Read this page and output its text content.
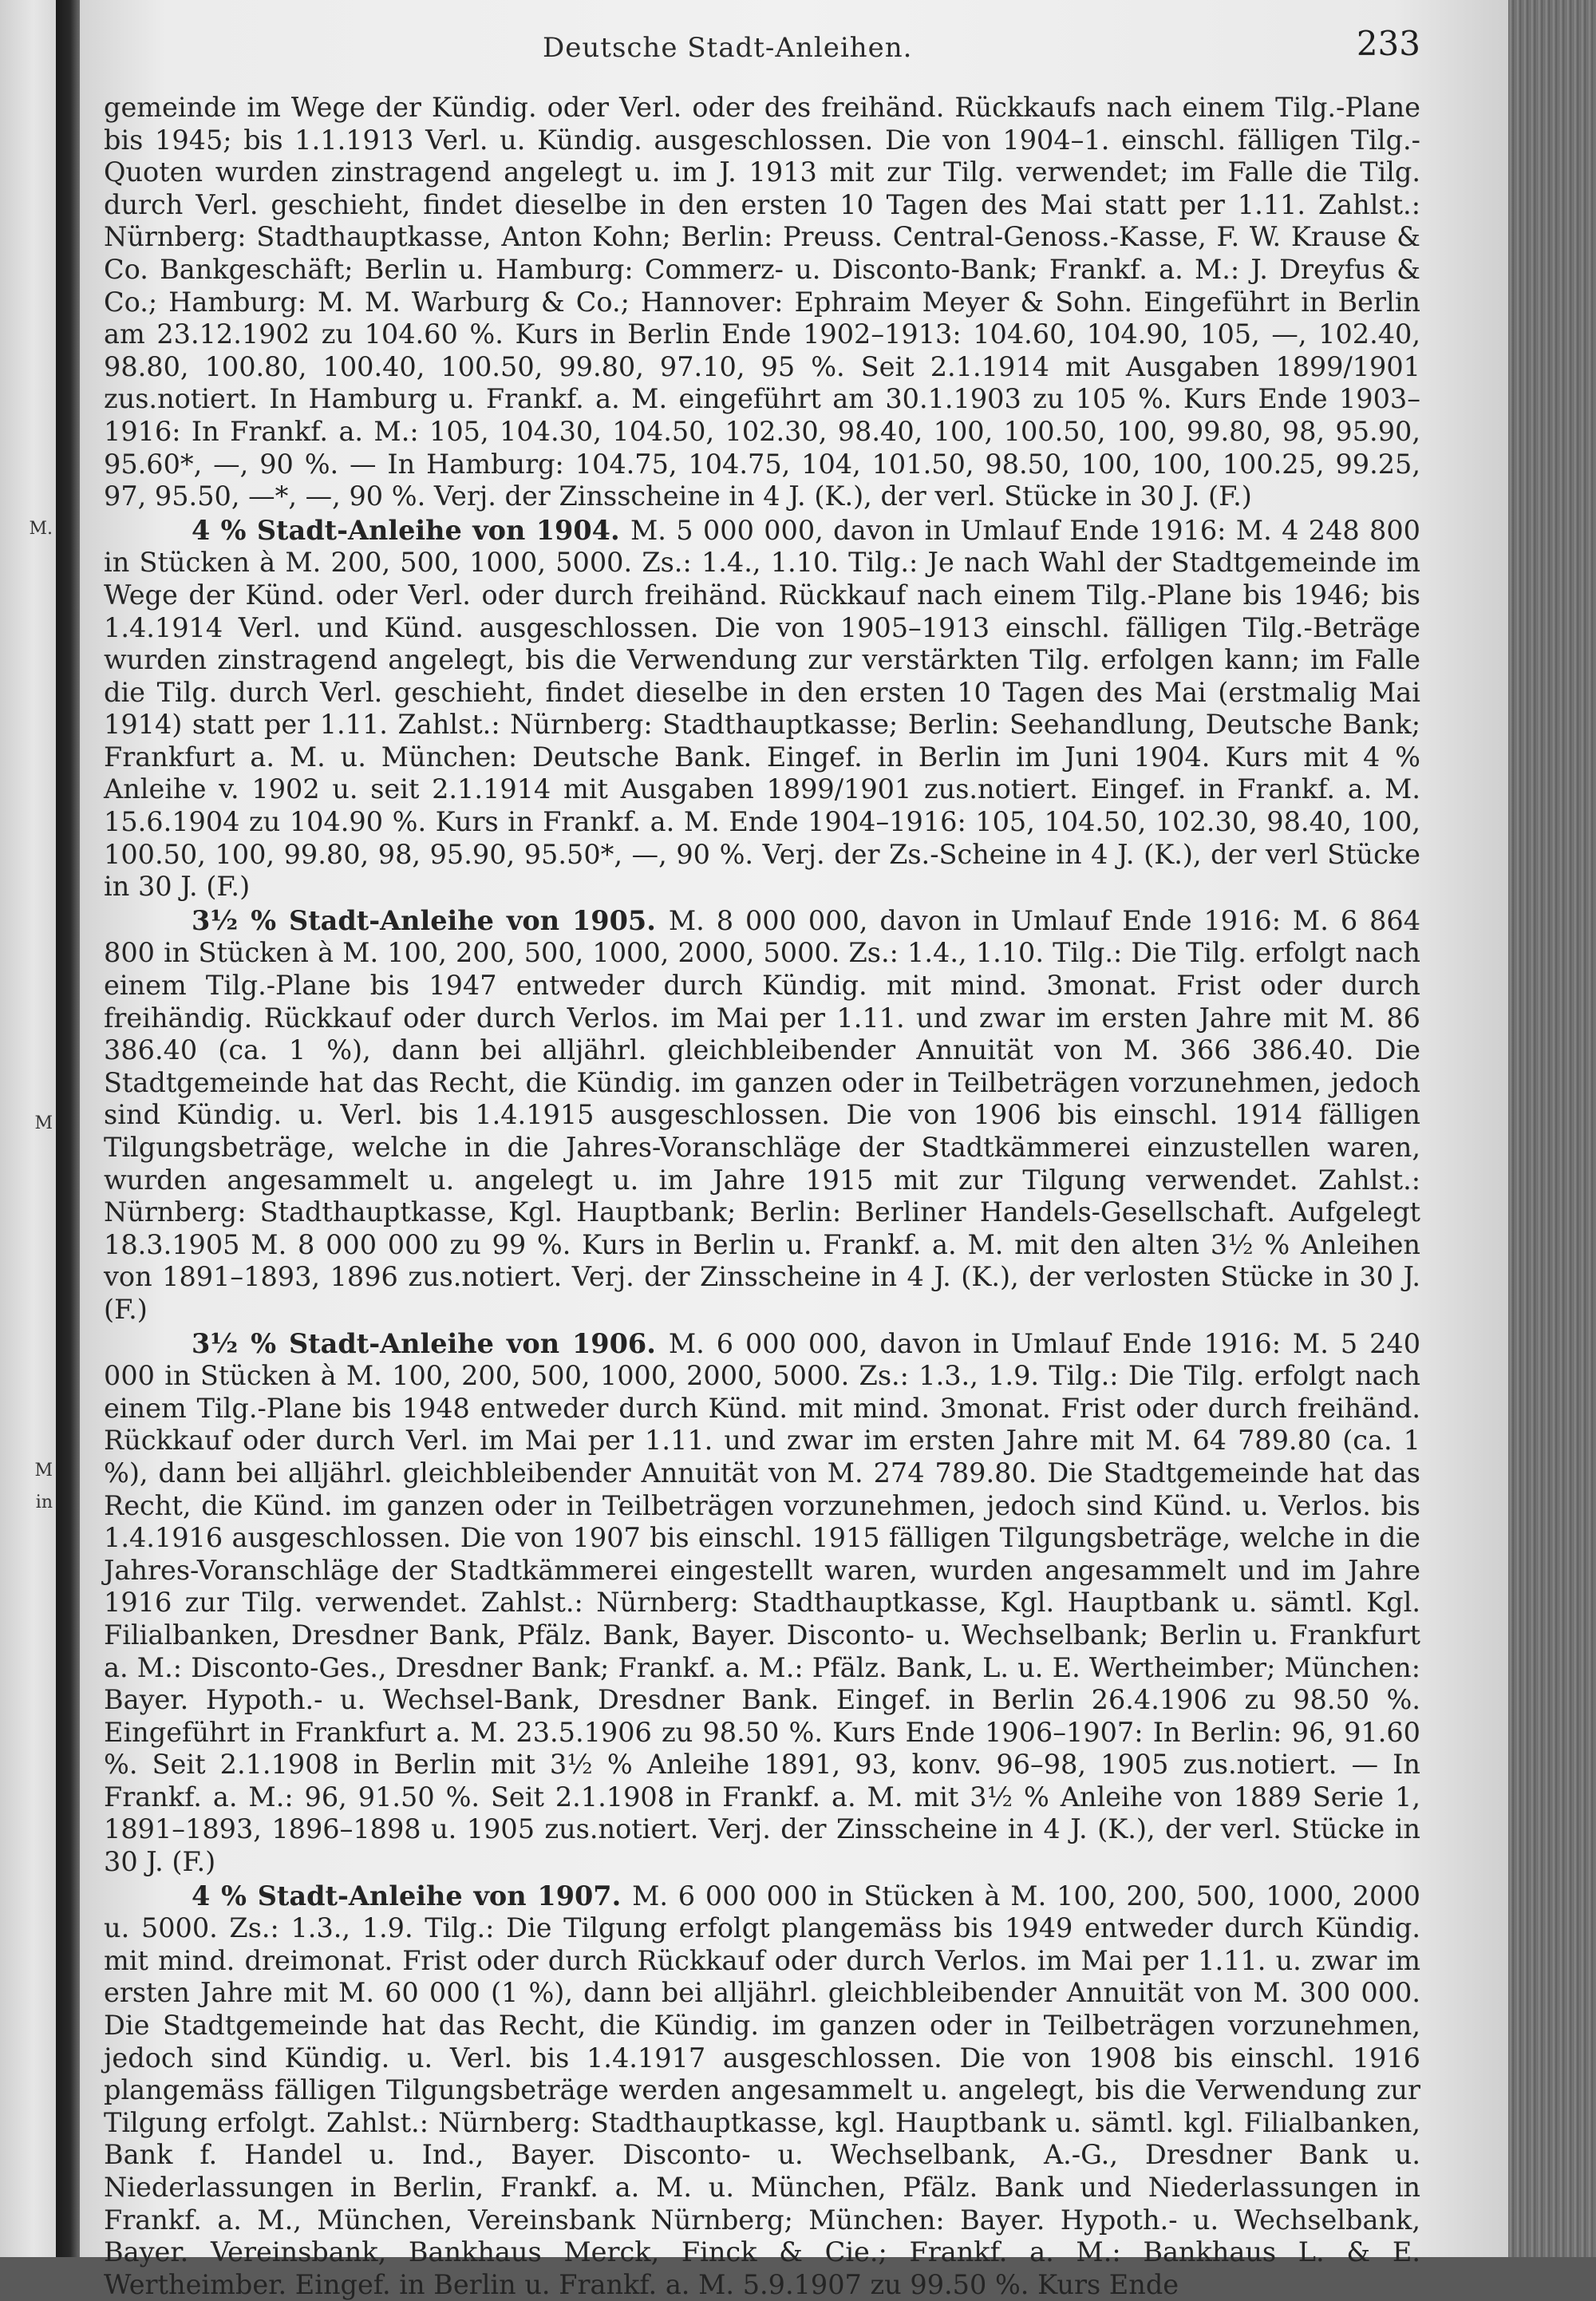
M.
M
M
in
Deutsche Stadt-Anleihen.	233

gemeinde im Wege der Kündig. oder Verl. oder des freihänd. Rückkaufs nach einem Tilg.-Plane bis 1945; bis 1.1.1913 Verl. u. Kündig. ausgeschlossen. Die von 1904–1. einschl. fälligen Tilg.-Quoten wurden zinstragend angelegt u. im J. 1913 mit zur Tilg. verwendet; im Falle die Tilg. durch Verl. geschieht, findet dieselbe in den ersten 10 Tagen des Mai statt per 1.11. Zahlst.: Nürnberg: Stadthauptkasse, Anton Kohn; Berlin: Preuss. Central-Genoss.-Kasse, F. W. Krause & Co. Bankgeschäft; Berlin u. Hamburg: Commerz- u. Disconto-Bank; Frankf. a. M.: J. Dreyfus & Co.; Hamburg: M. M. Warburg & Co.; Hannover: Ephraim Meyer & Sohn. Eingeführt in Berlin am 23.12.1902 zu 104.60 %. Kurs in Berlin Ende 1902–1913: 104.60, 104.90, 105, —, 102.40, 98.80, 100.80, 100.40, 100.50, 99.80, 97.10, 95 %. Seit 2.1.1914 mit Ausgaben 1899/1901 zus.notiert. In Hamburg u. Frankf. a. M. eingeführt am 30.1.1903 zu 105 %. Kurs Ende 1903–1916: In Frankf. a. M.: 105, 104.30, 104.50, 102.30, 98.40, 100, 100.50, 100, 99.80, 98, 95.90, 95.60*, —, 90 %. — In Hamburg: 104.75, 104.75, 104, 101.50, 98.50, 100, 100, 100.25, 99.25, 97, 95.50, —*, —, 90 %. Verj. der Zinsscheine in 4 J. (K.), der verl. Stücke in 30 J. (F.)

4 % Stadt-Anleihe von 1904. M. 5 000 000, davon in Umlauf Ende 1916: M. 4 248 800 in Stücken à M. 200, 500, 1000, 5000. Zs.: 1.4., 1.10. Tilg.: Je nach Wahl der Stadtgemeinde im Wege der Künd. oder Verl. oder durch freihänd. Rückkauf nach einem Tilg.-Plane bis 1946; bis 1.4.1914 Verl. und Künd. ausgeschlossen. Die von 1905–1913 einschl. fälligen Tilg.-Beträge wurden zinstragend angelegt, bis die Verwendung zur verstärkten Tilg. erfolgen kann; im Falle die Tilg. durch Verl. geschieht, findet dieselbe in den ersten 10 Tagen des Mai (erstmalig Mai 1914) statt per 1.11. Zahlst.: Nürnberg: Stadthauptkasse; Berlin: Seehandlung, Deutsche Bank; Frankfurt a. M. u. München: Deutsche Bank. Eingef. in Berlin im Juni 1904. Kurs mit 4 % Anleihe v. 1902 u. seit 2.1.1914 mit Ausgaben 1899/1901 zus.notiert. Eingef. in Frankf. a. M. 15.6.1904 zu 104.90 %. Kurs in Frankf. a. M. Ende 1904–1916: 105, 104.50, 102.30, 98.40, 100, 100.50, 100, 99.80, 98, 95.90, 95.50*, —, 90 %. Verj. der Zs.-Scheine in 4 J. (K.), der verl Stücke in 30 J. (F.)

3½ % Stadt-Anleihe von 1905. M. 8 000 000, davon in Umlauf Ende 1916: M. 6 864 800 in Stücken à M. 100, 200, 500, 1000, 2000, 5000. Zs.: 1.4., 1.10. Tilg.: Die Tilg. erfolgt nach einem Tilg.-Plane bis 1947 entweder durch Kündig. mit mind. 3monat. Frist oder durch freihändig. Rückkauf oder durch Verlos. im Mai per 1.11. und zwar im ersten Jahre mit M. 86 386.40 (ca. 1 %), dann bei alljährl. gleichbleibender Annuität von M. 366 386.40. Die Stadtgemeinde hat das Recht, die Kündig. im ganzen oder in Teilbeträgen vorzunehmen, jedoch sind Kündig. u. Verl. bis 1.4.1915 ausgeschlossen. Die von 1906 bis einschl. 1914 fälligen Tilgungsbeträge, welche in die Jahres-Voranschläge der Stadtkämmerei einzustellen waren, wurden angesammelt u. angelegt u. im Jahre 1915 mit zur Tilgung verwendet. Zahlst.: Nürnberg: Stadthauptkasse, Kgl. Hauptbank; Berlin: Berliner Handels-Gesellschaft. Aufgelegt 18.3.1905 M. 8 000 000 zu 99 %. Kurs in Berlin u. Frankf. a. M. mit den alten 3½ % Anleihen von 1891–1893, 1896 zus.notiert. Verj. der Zinsscheine in 4 J. (K.), der verlosten Stücke in 30 J. (F.)

3½ % Stadt-Anleihe von 1906. M. 6 000 000, davon in Umlauf Ende 1916: M. 5 240 000 in Stücken à M. 100, 200, 500, 1000, 2000, 5000. Zs.: 1.3., 1.9. Tilg.: Die Tilg. erfolgt nach einem Tilg.-Plane bis 1948 entweder durch Künd. mit mind. 3monat. Frist oder durch freihänd. Rückkauf oder durch Verl. im Mai per 1.11. und zwar im ersten Jahre mit M. 64 789.80 (ca. 1 %), dann bei alljährl. gleichbleibender Annuität von M. 274 789.80. Die Stadtgemeinde hat das Recht, die Künd. im ganzen oder in Teilbeträgen vorzunehmen, jedoch sind Künd. u. Verlos. bis 1.4.1916 ausgeschlossen. Die von 1907 bis einschl. 1915 fälligen Tilgungsbeträge, welche in die Jahres-Voranschläge der Stadtkämmerei eingestellt waren, wurden angesammelt und im Jahre 1916 zur Tilg. verwendet. Zahlst.: Nürnberg: Stadthauptkasse, Kgl. Hauptbank u. sämtl. Kgl. Filialbanken, Dresdner Bank, Pfälz. Bank, Bayer. Disconto- u. Wechselbank; Berlin u. Frankfurt a. M.: Disconto-Ges., Dresdner Bank; Frankf. a. M.: Pfälz. Bank, L. u. E. Wertheimber; München: Bayer. Hypoth.- u. Wechsel-Bank, Dresdner Bank. Eingef. in Berlin 26.4.1906 zu 98.50 %. Eingeführt in Frankfurt a. M. 23.5.1906 zu 98.50 %. Kurs Ende 1906–1907: In Berlin: 96, 91.60 %. Seit 2.1.1908 in Berlin mit 3½ % Anleihe 1891, 93, konv. 96–98, 1905 zus.notiert. — In Frankf. a. M.: 96, 91.50 %. Seit 2.1.1908 in Frankf. a. M. mit 3½ % Anleihe von 1889 Serie 1, 1891–1893, 1896–1898 u. 1905 zus.notiert. Verj. der Zinsscheine in 4 J. (K.), der verl. Stücke in 30 J. (F.)

4 % Stadt-Anleihe von 1907. M. 6 000 000 in Stücken à M. 100, 200, 500, 1000, 2000 u. 5000. Zs.: 1.3., 1.9. Tilg.: Die Tilgung erfolgt plangemäss bis 1949 entweder durch Kündig. mit mind. dreimonat. Frist oder durch Rückkauf oder durch Verlos. im Mai per 1.11. u. zwar im ersten Jahre mit M. 60 000 (1 %), dann bei alljährl. gleichbleibender Annuität von M. 300 000. Die Stadtgemeinde hat das Recht, die Kündig. im ganzen oder in Teilbeträgen vorzunehmen, jedoch sind Kündig. u. Verl. bis 1.4.1917 ausgeschlossen. Die von 1908 bis einschl. 1916 plangemäss fälligen Tilgungsbeträge werden angesammelt u. angelegt, bis die Verwendung zur Tilgung erfolgt. Zahlst.: Nürnberg: Stadthauptkasse, kgl. Hauptbank u. sämtl. kgl. Filialbanken, Bank f. Handel u. Ind., Bayer. Disconto- u. Wechselbank, A.-G., Dresdner Bank u. Niederlassungen in Berlin, Frankf. a. M. u. München, Pfälz. Bank und Niederlassungen in Frankf. a. M., München, Vereinsbank Nürnberg; München: Bayer. Hypoth.- u. Wechselbank, Bayer. Vereinsbank, Bankhaus Merck, Finck & Cie.; Frankf. a. M.: Bankhaus L. & E. Wertheimber. Eingef. in Berlin u. Frankf. a. M. 5.9.1907 zu 99.50 %. Kurs Ende
